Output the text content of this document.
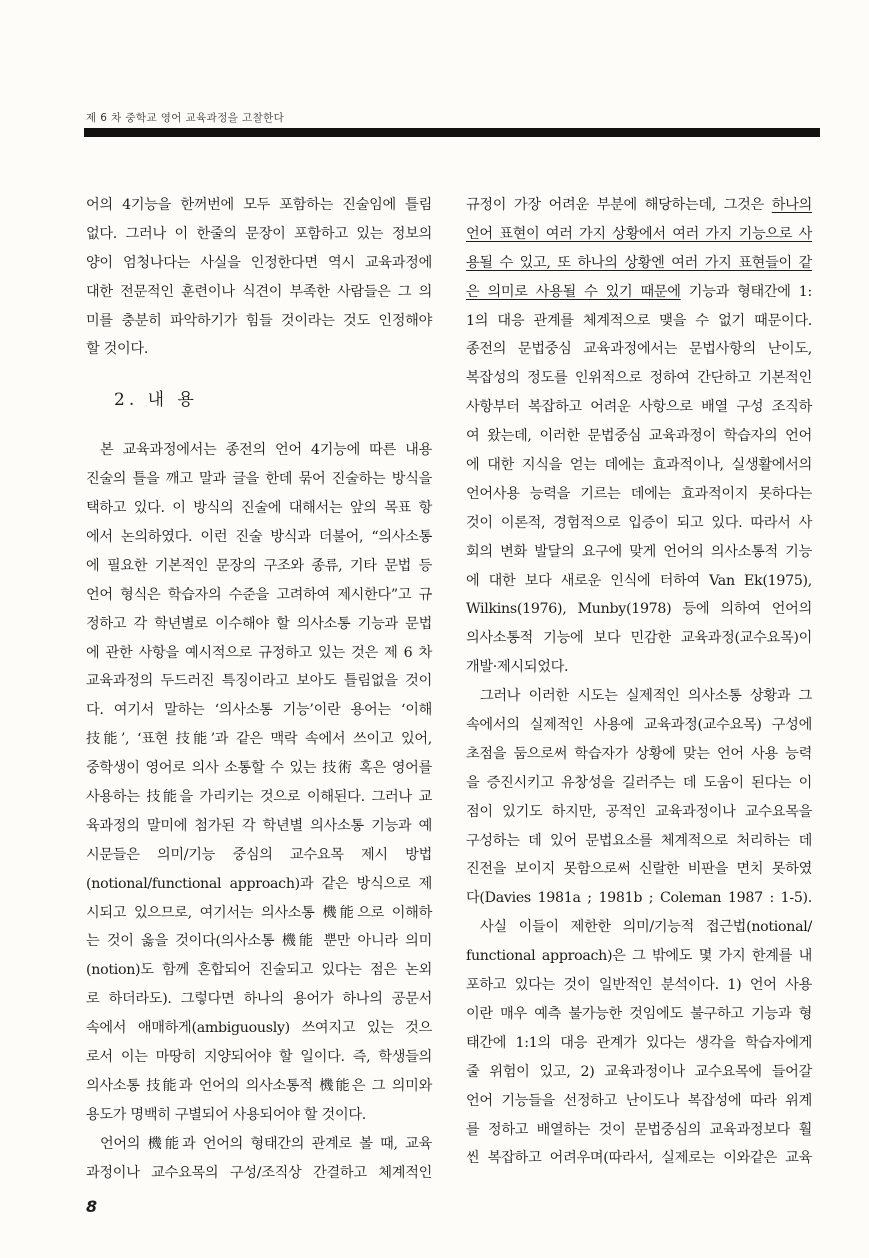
제 6 차 중학교 영어 교육과정을 고찰한다
어의 4기능을 한꺼번에 모두 포함하는 진술임에 틀림
없다. 그러나 이 한줄의 문장이 포함하고 있는 정보의
양이 엄청나다는 사실을 인정한다면 역시 교육과정에
대한 전문적인 훈련이나 식견이 부족한 사람들은 그 의
미를 충분히 파악하기가 힘들 것이라는 것도 인정해야
할 것이다.
2. 내 용
본 교육과정에서는 종전의 언어 4기능에 따른 내용
진술의 틀을 깨고 말과 글을 한데 묶어 진술하는 방식을
택하고 있다. 이 방식의 진술에 대해서는 앞의 목표 항
에서 논의하였다. 이런 진술 방식과 더불어, “의사소통
에 필요한 기본적인 문장의 구조와 종류, 기타 문법 등
언어 형식은 학습자의 수준을 고려하여 제시한다”고 규
정하고 각 학년별로 이수해야 할 의사소통 기능과 문법
에 관한 사항을 예시적으로 규정하고 있는 것은 제 6 차
교육과정의 두드러진 특징이라고 보아도 틀림없을 것이
다. 여기서 말하는 ‘의사소통 기능’이란 용어는 ‘이해
技能’, ‘표현 技能’과 같은 맥락 속에서 쓰이고 있어,
중학생이 영어로 의사 소통할 수 있는 技術 혹은 영어를
사용하는 技能을 가리키는 것으로 이해된다. 그러나 교
육과정의 말미에 첨가된 각 학년별 의사소통 기능과 예
시문들은 의미/기능 중심의 교수요목 제시 방법
(notional/functional approach)과 같은 방식으로 제
시되고 있으므로, 여기서는 의사소통 機能으로 이해하
는 것이 옳을 것이다(의사소통 機能 뿐만 아니라 의미
(notion)도 함께 혼합되어 진술되고 있다는 점은 논외
로 하더라도). 그렇다면 하나의 용어가 하나의 공문서
속에서 애매하게(ambiguously) 쓰여지고 있는 것으
로서 이는 마땅히 지양되어야 할 일이다. 즉, 학생들의
의사소통 技能과 언어의 의사소통적 機能은 그 의미와
용도가 명백히 구별되어 사용되어야 할 것이다.
언어의 機能과 언어의 형태간의 관계로 볼 때, 교육
과정이나 교수요목의 구성/조직상 간결하고 체계적인
규정이 가장 어려운 부분에 해당하는데, 그것은 하나의
언어 표현이 여러 가지 상황에서 여러 가지 기능으로 사
용될 수 있고, 또 하나의 상황엔 여러 가지 표현들이 같
은 의미로 사용될 수 있기 때문에 기능과 형태간에 1:
1의 대응 관계를 체계적으로 맺을 수 없기 때문이다.
종전의 문법중심 교육과정에서는 문법사항의 난이도,
복잡성의 정도를 인위적으로 정하여 간단하고 기본적인
사항부터 복잡하고 어려운 사항으로 배열 구성 조직하
여 왔는데, 이러한 문법중심 교육과정이 학습자의 언어
에 대한 지식을 얻는 데에는 효과적이나, 실생활에서의
언어사용 능력을 기르는 데에는 효과적이지 못하다는
것이 이론적, 경험적으로 입증이 되고 있다. 따라서 사
회의 변화 발달의 요구에 맞게 언어의 의사소통적 기능
에 대한 보다 새로운 인식에 터하여 Van Ek(1975),
Wilkins(1976), Munby(1978) 등에 의하여 언어의
의사소통적 기능에 보다 민감한 교육과정(교수요목)이
개발·제시되었다.
그러나 이러한 시도는 실제적인 의사소통 상황과 그
속에서의 실제적인 사용에 교육과정(교수요목) 구성에
초점을 둠으로써 학습자가 상황에 맞는 언어 사용 능력
을 증진시키고 유창성을 길러주는 데 도움이 된다는 이
점이 있기도 하지만, 공적인 교육과정이나 교수요목을
구성하는 데 있어 문법요소를 체계적으로 처리하는 데
진전을 보이지 못함으로써 신랄한 비판을 면치 못하였
다(Davies 1981a ; 1981b ; Coleman 1987 : 1-5).
사실 이들이 제한한 의미/기능적 접근법(notional/
functional approach)은 그 밖에도 몇 가지 한계를 내
포하고 있다는 것이 일반적인 분석이다. 1) 언어 사용
이란 매우 예측 불가능한 것임에도 불구하고 기능과 형
태간에 1:1의 대응 관계가 있다는 생각을 학습자에게
줄 위험이 있고, 2) 교육과정이나 교수요목에 들어갈
언어 기능들을 선정하고 난이도나 복잡성에 따라 위계
를 정하고 배열하는 것이 문법중심의 교육과정보다 훨
씬 복잡하고 어려우며(따라서, 실제로는 이와같은 교육
8
